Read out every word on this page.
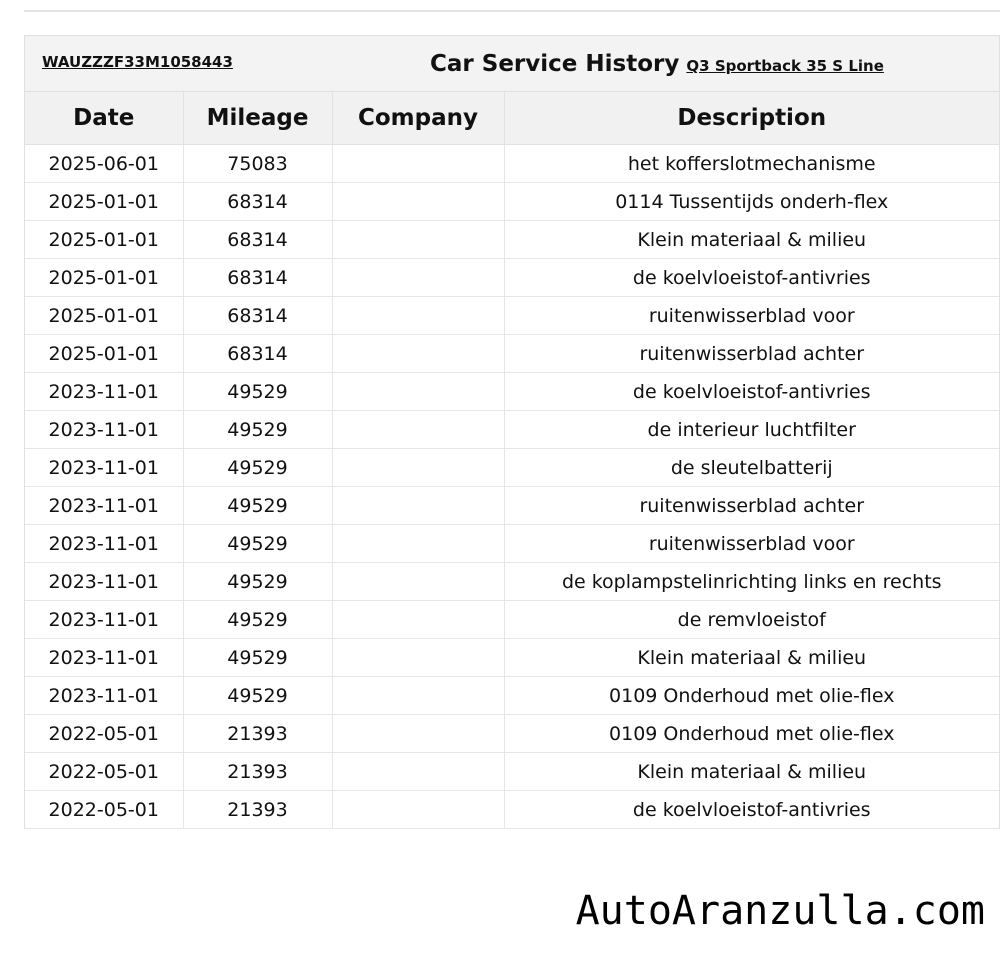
WAUZZZF33M1058443	Car Service History Q3 Sportback 35 S Line
Date	Mileage	Company	Description
2025-06-01	75083		het kofferslotmechanisme
2025-01-01	68314		0114 Tussentijds onderh-flex
2025-01-01	68314		Klein materiaal & milieu
2025-01-01	68314		de koelvloeistof-antivries
2025-01-01	68314		ruitenwisserblad voor
2025-01-01	68314		ruitenwisserblad achter
2023-11-01	49529		de koelvloeistof-antivries
2023-11-01	49529		de interieur luchtfilter
2023-11-01	49529		de sleutelbatterij
2023-11-01	49529		ruitenwisserblad achter
2023-11-01	49529		ruitenwisserblad voor
2023-11-01	49529		de koplampstelinrichting links en rechts
2023-11-01	49529		de remvloeistof
2023-11-01	49529		Klein materiaal & milieu
2023-11-01	49529		0109 Onderhoud met olie-flex
2022-05-01	21393		0109 Onderhoud met olie-flex
2022-05-01	21393		Klein materiaal & milieu
2022-05-01	21393		de koelvloeistof-antivries
AutoAranzulla.com
